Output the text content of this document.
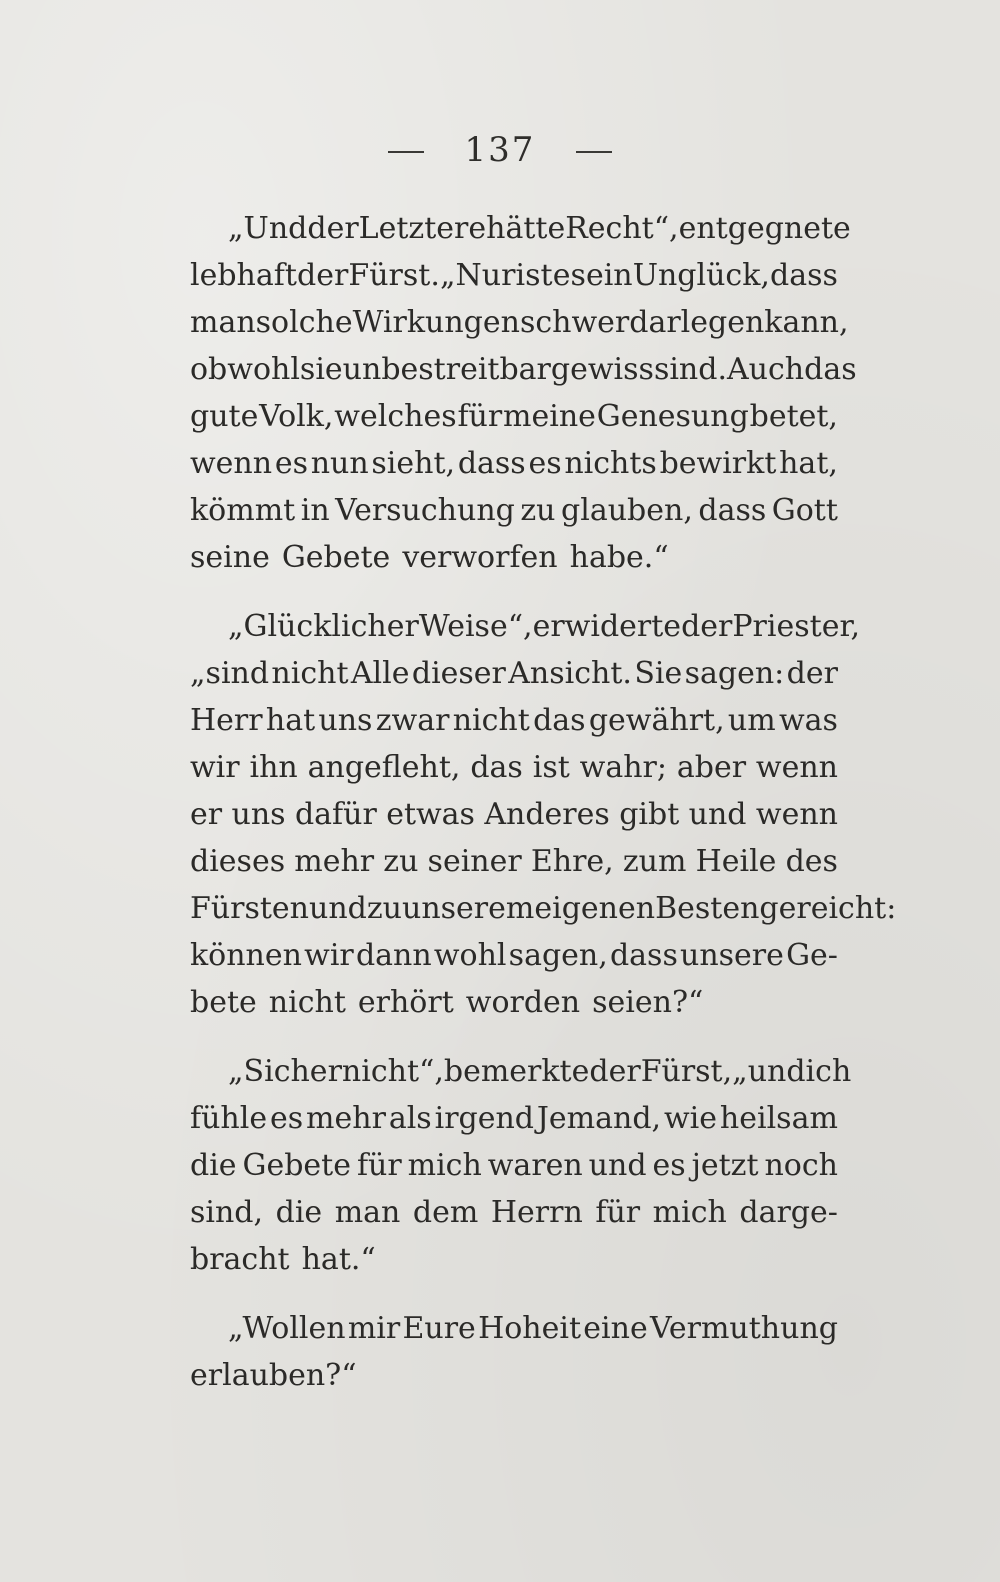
137
„Und der Letztere hätte Recht“, entgegnete
lebhaft der Fürst. „Nur ist es ein Unglück, dass
man solche Wirkungen schwer darlegen kann,
obwohl sie unbestreitbar gewiss sind. Auch das
gute Volk, welches für meine Genesung betet,
wenn es nun sieht, dass es nichts bewirkt hat,
kömmt in Versuchung zu glauben, dass Gott
seine Gebete verworfen habe.“
„Glücklicher Weise“, erwiderte der Priester,
„sind nicht Alle dieser Ansicht. Sie sagen: der
Herr hat uns zwar nicht das gewährt, um was
wir ihn angefleht, das ist wahr; aber wenn
er uns dafür etwas Anderes gibt und wenn
dieses mehr zu seiner Ehre, zum Heile des
Fürsten und zu unserem eigenen Besten gereicht:
können wir dann wohl sagen, dass unsere Ge-
bete nicht erhört worden seien?“
„Sicher nicht“, bemerkte der Fürst, „und ich
fühle es mehr als irgend Jemand, wie heilsam
die Gebete für mich waren und es jetzt noch
sind, die man dem Herrn für mich darge-
bracht hat.“
„Wollen mir Eure Hoheit eine Vermuthung
erlauben?“
